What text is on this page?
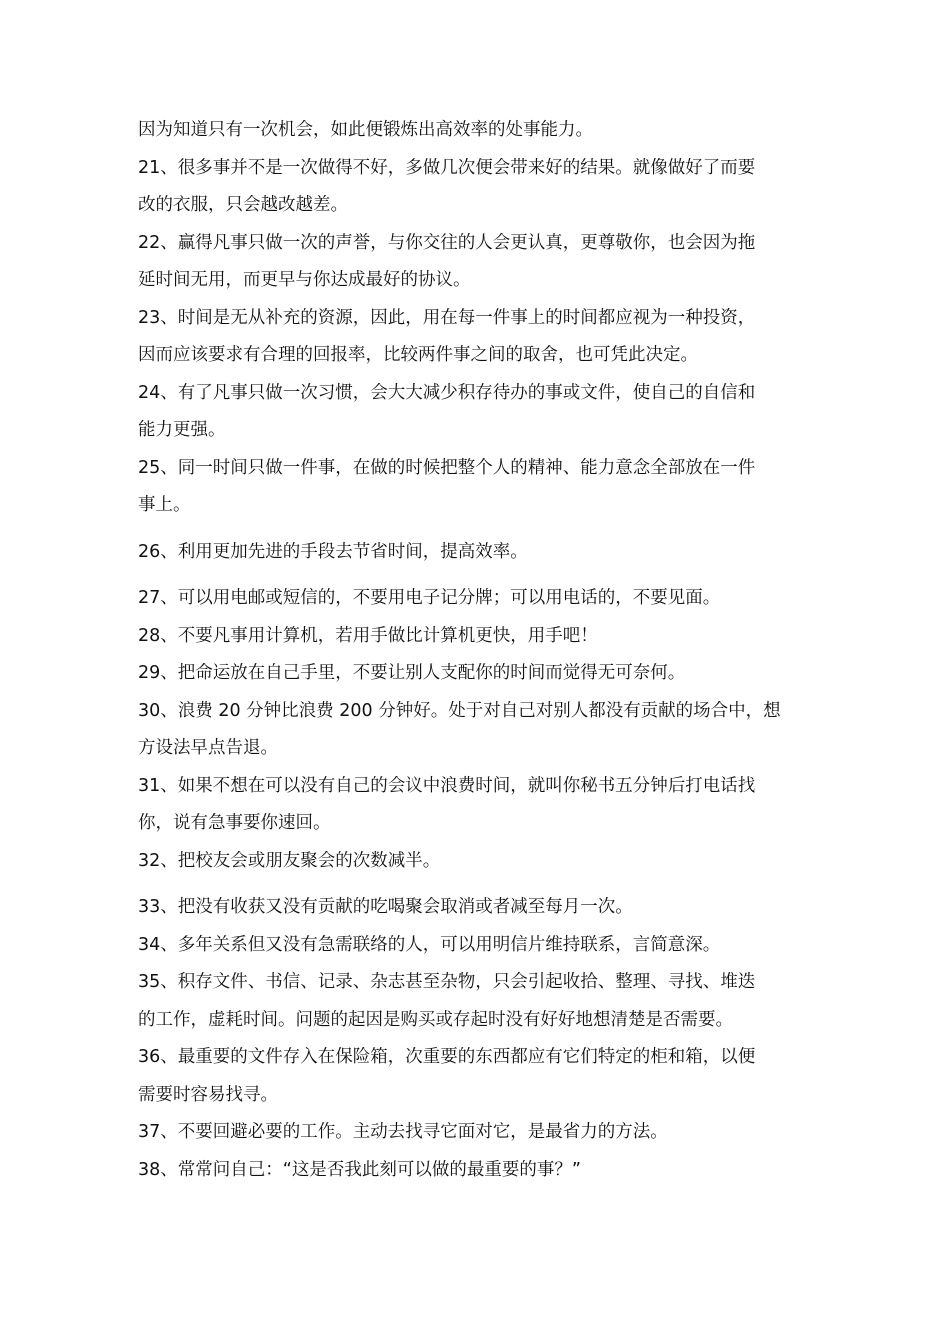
因为知道只有一次机会，如此便锻炼出高效率的处事能力。
21、很多事并不是一次做得不好，多做几次便会带来好的结果。就像做好了而要
改的衣服，只会越改越差。
22、赢得凡事只做一次的声誉，与你交往的人会更认真，更尊敬你，也会因为拖
延时间无用，而更早与你达成最好的协议。
23、时间是无从补充的资源，因此，用在每一件事上的时间都应视为一种投资，
因而应该要求有合理的回报率，比较两件事之间的取舍，也可凭此决定。
24、有了凡事只做一次习惯，会大大减少积存待办的事或文件，使自己的自信和
能力更强。
25、同一时间只做一件事，在做的时候把整个人的精神、能力意念全部放在一件
事上。
26、利用更加先进的手段去节省时间，提高效率。
27、可以用电邮或短信的，不要用电子记分牌；可以用电话的，不要见面。
28、不要凡事用计算机，若用手做比计算机更快，用手吧！
29、把命运放在自己手里，不要让别人支配你的时间而觉得无可奈何。
30、浪费 20 分钟比浪费 200 分钟好。处于对自己对别人都没有贡献的场合中，想
方设法早点告退。
31、如果不想在可以没有自己的会议中浪费时间，就叫你秘书五分钟后打电话找
你，说有急事要你速回。
32、把校友会或朋友聚会的次数减半。
33、把没有收获又没有贡献的吃喝聚会取消或者减至每月一次。
34、多年关系但又没有急需联络的人，可以用明信片维持联系，言简意深。
35、积存文件、书信、记录、杂志甚至杂物，只会引起收拾、整理、寻找、堆迭
的工作，虚耗时间。问题的起因是购买或存起时没有好好地想清楚是否需要。
36、最重要的文件存入在保险箱，次重要的东西都应有它们特定的柜和箱，以便
需要时容易找寻。
37、不要回避必要的工作。主动去找寻它面对它，是最省力的方法。
38、常常问自己：“这是否我此刻可以做的最重要的事？”
